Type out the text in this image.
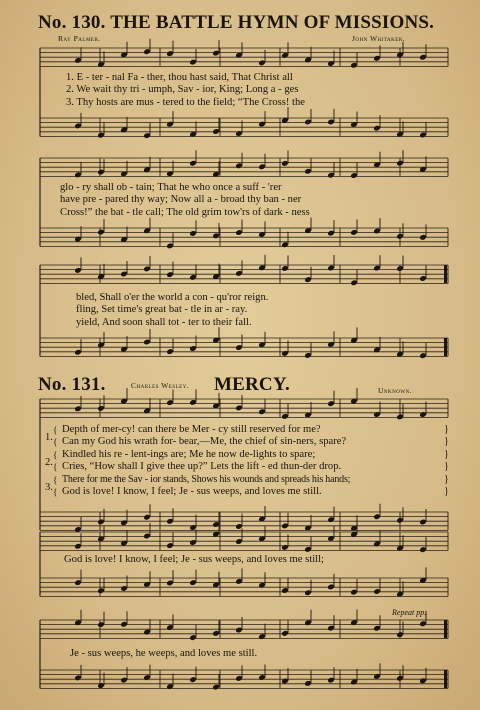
No. 130. THE BATTLE HYMN OF MISSIONS.
Ray Palmer.	John Whitaker.
1. E - ter - nal Fa - ther, thou hast said, That Christ all
2. We wait thy tri - umph, Sav - ior, King; Long a - ges
3. Thy hosts are mus - tered to the field; “The Cross! the
glo - ry shall ob - tain; That he who once a suff - 'rer
have pre - pared thy way; Now all a - broad thy ban - ner
Cross!” the bat - tle call; The old grim tow'rs of dark - ness
bled, Shall o'er the world a con - qu'ror reign.
fling, Set time's great bat - tle in ar - ray.
yield, And soon shall tot - ter to their fall.
No. 131.	MERCY.
Charles Wesley.
Unknown.
1.
2.
3.
{
{
{
{
{
{
Depth of mer-cy! can there be Mer - cy still reserved for me?
Can my God his wrath for- bear,—Me, the chief of sin-ners, spare?
Kindled his re - lent-ings are; Me he now de-lights to spare;
Cries, “How shall I give thee up?” Lets the lift - ed thun-der drop.
There for me the Sav - ior stands, Shows his wounds and spreads his hands;
God is love! I know, I feel; Je - sus weeps, and loves me still.
}
}
}
}
}
}
God is love! I know, I feel; Je - sus weeps, and loves me still;
Repeat pp.
Je - sus weeps, he weeps, and loves me still.
